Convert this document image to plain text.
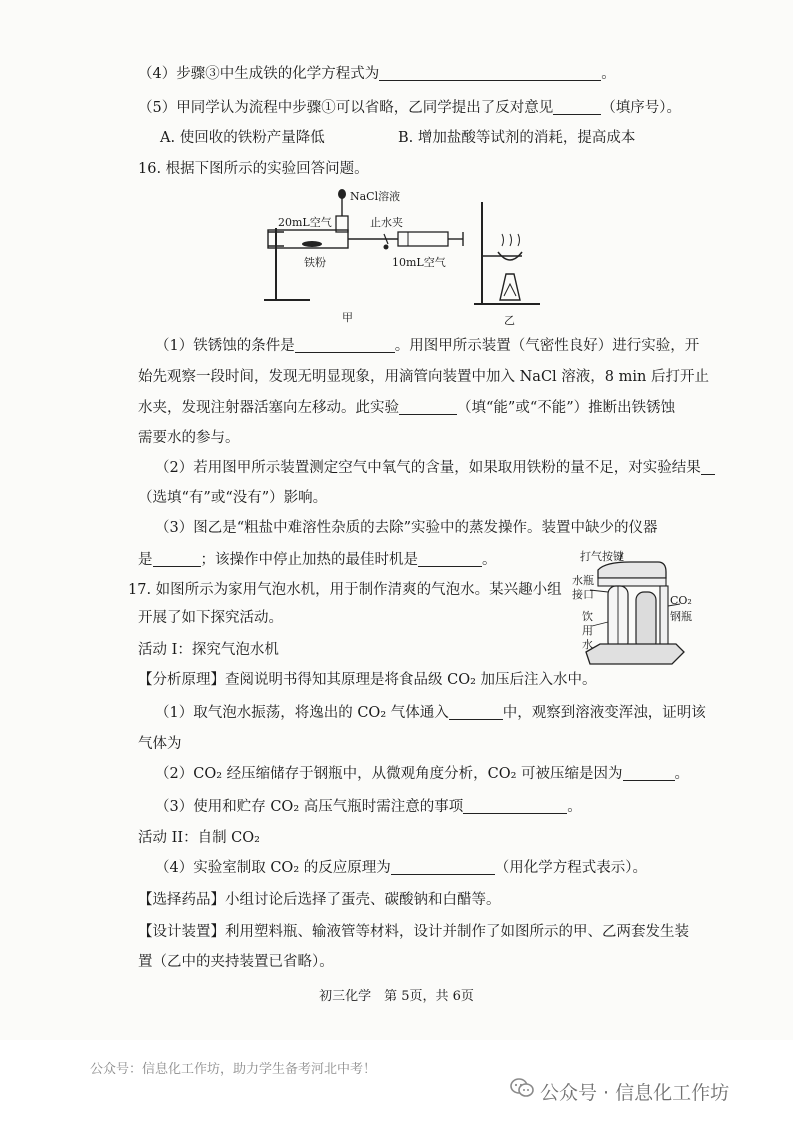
（4）步骤③中生成铁的化学方程式为	。
（5）甲同学认为流程中步骤①可以省略，乙同学提出了反对意见	（填序号）。
A. 使回收的铁粉产量降低	B. 增加盐酸等试剂的消耗，提高成本
16. 根据下图所示的实验回答问题。
NaCl溶液
20mL空气	止水夹
铁粉	10mL空气
甲	乙
（1）铁锈蚀的条件是	。用图甲所示装置（气密性良好）进行实验，开
始先观察一段时间，发现无明显现象，用滴管向装置中加入 NaCl 溶液，8 min 后打开止
水夹，发现注射器活塞向左移动。此实验	（填“能”或“不能”）推断出铁锈蚀
需要水的参与。
（2）若用图甲所示装置测定空气中氧气的含量，如果取用铁粉的量不足，对实验结果
（选填“有”或“没有”）影响。
（3）图乙是“粗盐中难溶性杂质的去除”实验中的蒸发操作。装置中缺少的仪器
是	；该操作中停止加热的最佳时机是	。
17. 如图所示为家用气泡水机，用于制作清爽的气泡水。某兴趣小组
开展了如下探究活动。
打气按键
水瓶
接口
饮
用
水
CO₂
钢瓶
活动 I：探究气泡水机
【分析原理】查阅说明书得知其原理是将食品级 CO₂ 加压后注入水中。
（1）取气泡水振荡，将逸出的 CO₂ 气体通入	中，观察到溶液变浑浊，证明该
气体为
（2）CO₂ 经压缩储存于钢瓶中，从微观角度分析，CO₂ 可被压缩是因为	。
（3）使用和贮存 CO₂ 高压气瓶时需注意的事项	。
活动 II：自制 CO₂
（4）实验室制取 CO₂ 的反应原理为	（用化学方程式表示）。
【选择药品】小组讨论后选择了蛋壳、碳酸钠和白醋等。
【设计装置】利用塑料瓶、输液管等材料，设计并制作了如图所示的甲、乙两套发生装
置（乙中的夹持装置已省略）。
初三化学　第 5页，共 6页
公众号：信息化工作坊，助力学生备考河北中考！
公众号 · 信息化工作坊
